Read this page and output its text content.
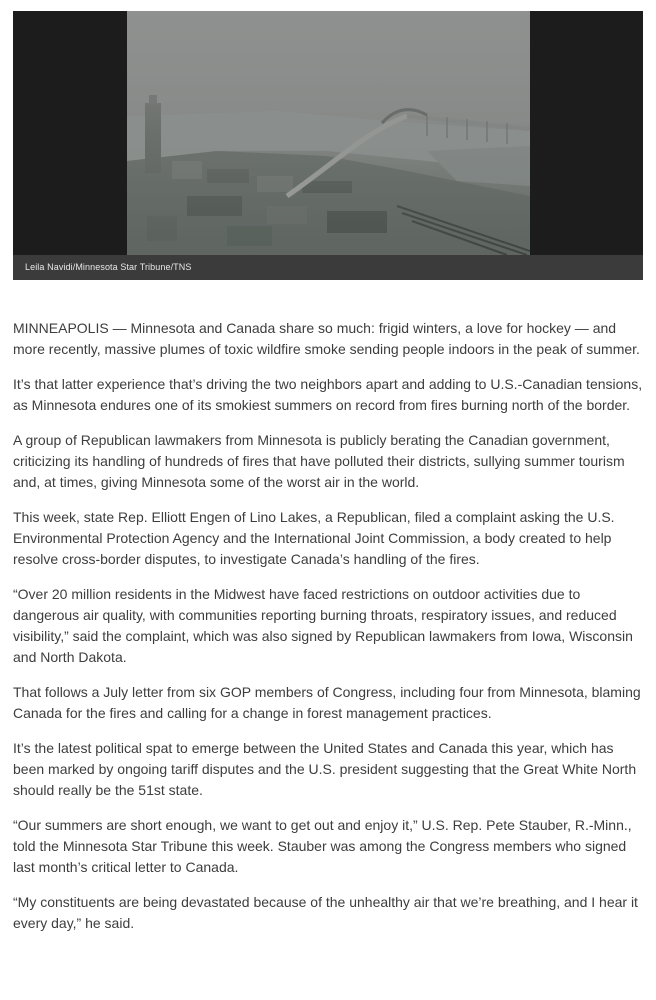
Leila Navidi/Minnesota Star Tribune/TNS

MINNEAPOLIS — Minnesota and Canada share so much: frigid winters, a love for hockey — and more recently, massive plumes of toxic wildfire smoke sending people indoors in the peak of summer.

It’s that latter experience that’s driving the two neighbors apart and adding to U.S.-Canadian tensions, as Minnesota endures one of its smokiest summers on record from fires burning north of the border.

A group of Republican lawmakers from Minnesota is publicly berating the Canadian government, criticizing its handling of hundreds of fires that have polluted their districts, sullying summer tourism and, at times, giving Minnesota some of the worst air in the world.

This week, state Rep. Elliott Engen of Lino Lakes, a Republican, filed a complaint asking the U.S. Environmental Protection Agency and the International Joint Commission, a body created to help resolve cross-border disputes, to investigate Canada’s handling of the fires.

“Over 20 million residents in the Midwest have faced restrictions on outdoor activities due to dangerous air quality, with communities reporting burning throats, respiratory issues, and reduced visibility,” said the complaint, which was also signed by Republican lawmakers from Iowa, Wisconsin and North Dakota.

That follows a July letter from six GOP members of Congress, including four from Minnesota, blaming Canada for the fires and calling for a change in forest management practices.

It’s the latest political spat to emerge between the United States and Canada this year, which has been marked by ongoing tariff disputes and the U.S. president suggesting that the Great White North should really be the 51st state.

“Our summers are short enough, we want to get out and enjoy it,” U.S. Rep. Pete Stauber, R.-Minn., told the Minnesota Star Tribune this week. Stauber was among the Congress members who signed last month’s critical letter to Canada.

“My constituents are being devastated because of the unhealthy air that we’re breathing, and I hear it every day,” he said.
